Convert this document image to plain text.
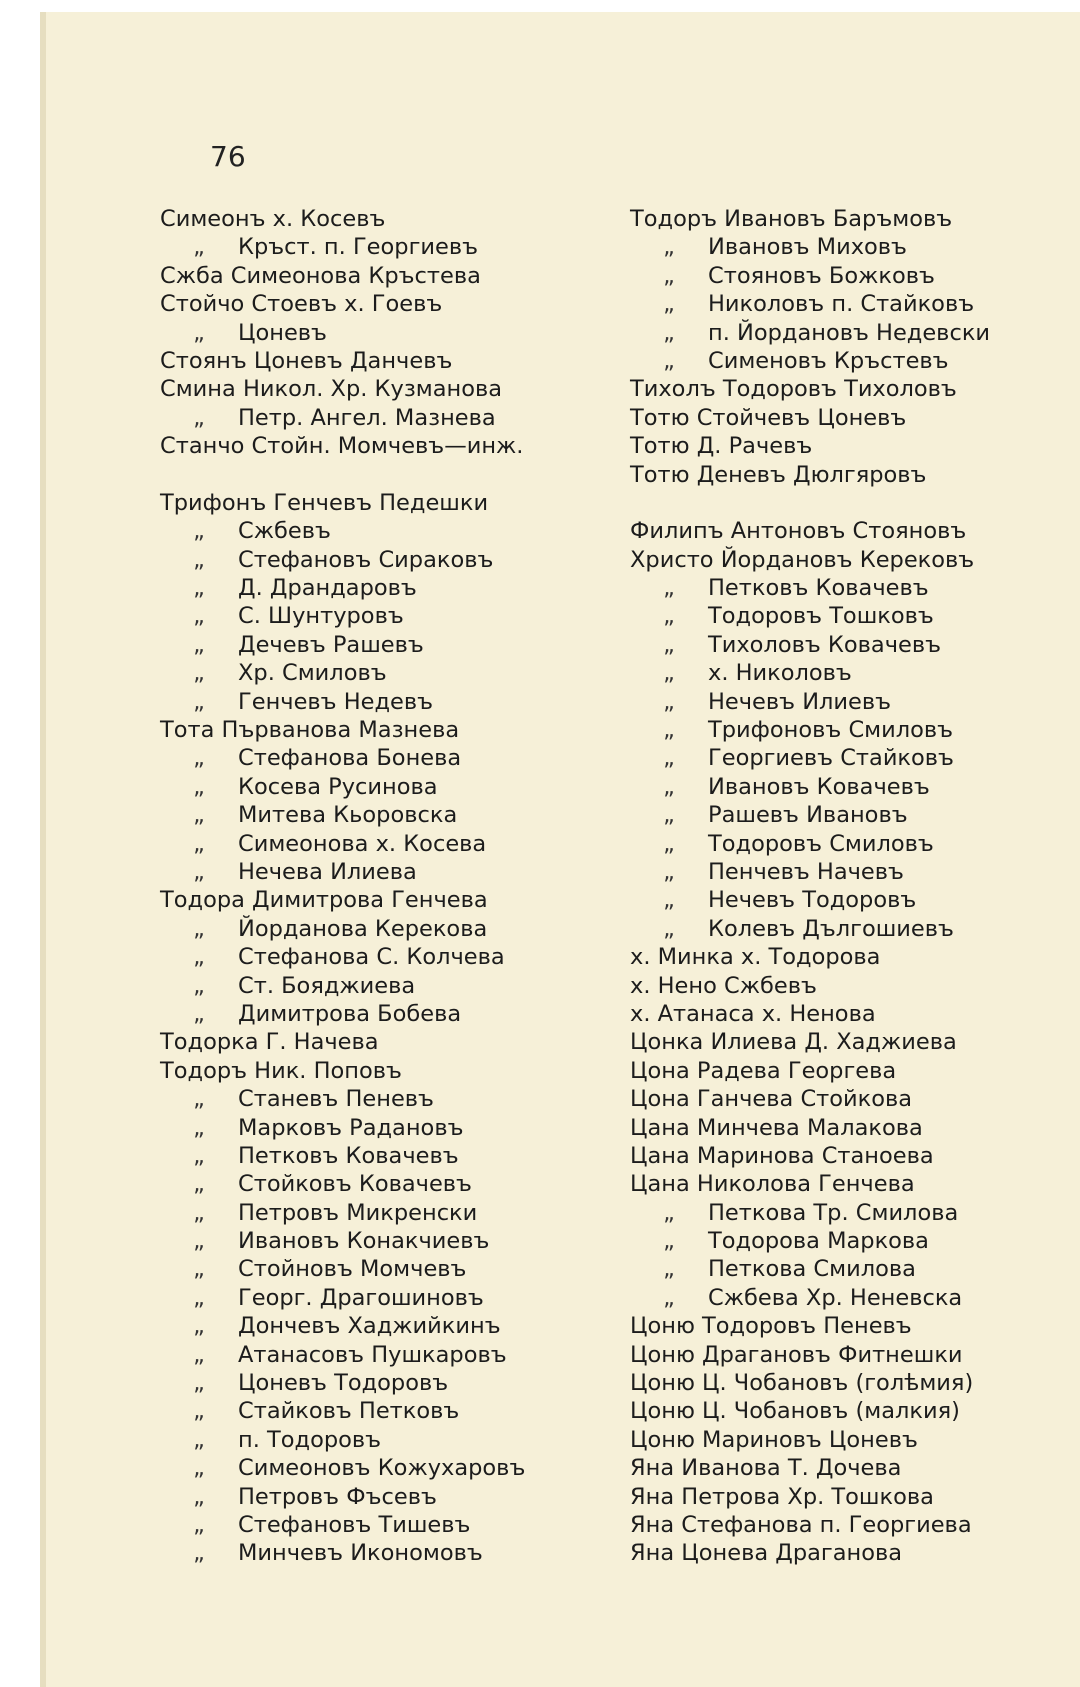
76
Симеонъ х. Косевъ
„ Кръст. п. Георгиевъ
Сжба Симеонова Кръстева
Стойчо Стоевъ х. Гоевъ
„ Цоневъ
Стоянъ Цоневъ Данчевъ
Смина Никол. Хр. Кузманова
„ Петр. Ангел. Мазнева
Станчо Стойн. Момчевъ—инж.
Трифонъ Генчевъ Педешки
„ Сжбевъ
„ Стефановъ Сираковъ
„ Д. Драндаровъ
„ С. Шунтуровъ
„ Дечевъ Рашевъ
„ Хр. Смиловъ
„ Генчевъ Недевъ
Тота Първанова Мазнева
„ Стефанова Бонева
„ Косева Русинова
„ Митева Кьоровска
„ Симеонова х. Косева
„ Нечева Илиева
Тодора Димитрова Генчева
„ Йорданова Керекова
„ Стефанова С. Колчева
„ Ст. Бояджиева
„ Димитрова Бобева
Тодорка Г. Начева
Тодоръ Ник. Поповъ
„ Станевъ Пеневъ
„ Марковъ Радановъ
„ Петковъ Ковачевъ
„ Стойковъ Ковачевъ
„ Петровъ Микренски
„ Ивановъ Конакчиевъ
„ Стойновъ Момчевъ
„ Георг. Драгошиновъ
„ Дончевъ Хаджийкинъ
„ Атанасовъ Пушкаровъ
„ Цоневъ Тодоровъ
„ Стайковъ Петковъ
„ п. Тодоровъ
„ Симеоновъ Кожухаровъ
„ Петровъ Фъсевъ
„ Стефановъ Тишевъ
„ Минчевъ Икономовъ
Тодоръ Ивановъ Баръмовъ
„ Ивановъ Миховъ
„ Стояновъ Божковъ
„ Николовъ п. Стайковъ
„ п. Йордановъ Недевски
„ Сименовъ Кръстевъ
Тихолъ Тодоровъ Тихоловъ
Тотю Стойчевъ Цоневъ
Тотю Д. Рачевъ
Тотю Деневъ Дюлгяровъ
Филипъ Антоновъ Стояновъ
Христо Йордановъ Керековъ
„ Петковъ Ковачевъ
„ Тодоровъ Тошковъ
„ Тихоловъ Ковачевъ
„ х. Николовъ
„ Нечевъ Илиевъ
„ Трифоновъ Смиловъ
„ Георгиевъ Стайковъ
„ Ивановъ Ковачевъ
„ Рашевъ Ивановъ
„ Тодоровъ Смиловъ
„ Пенчевъ Начевъ
„ Нечевъ Тодоровъ
„ Колевъ Дългошиевъ
х. Минка х. Тодорова
х. Нено Сжбевъ
х. Атанаса х. Ненова
Цонка Илиева Д. Хаджиева
Цона Радева Георгева
Цона Ганчева Стойкова
Цана Минчева Малакова
Цана Маринова Станоева
Цана Николова Генчева
„ Петкова Тр. Смилова
„ Тодорова Маркова
„ Петкова Смилова
„ Сжбева Хр. Неневска
Цоню Тодоровъ Пеневъ
Цоню Драгановъ Фитнешки
Цоню Ц. Чобановъ (голѣмия)
Цоню Ц. Чобановъ (малкия)
Цоню Мариновъ Цоневъ
Яна Иванова Т. Дочева
Яна Петрова Хр. Тошкова
Яна Стефанова п. Георгиева
Яна Цонева Драганова
